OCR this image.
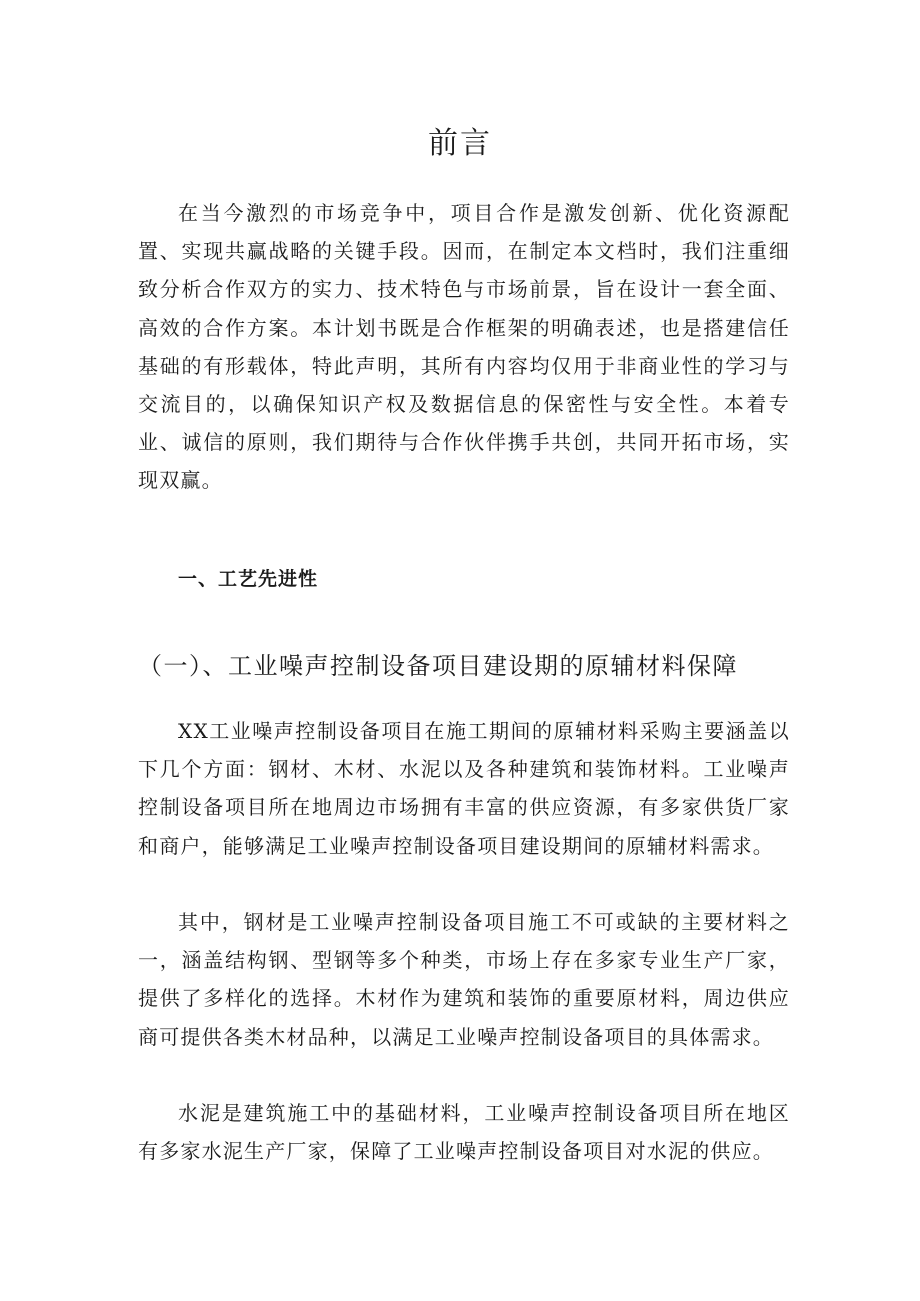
前言

在当今激烈的市场竞争中，项目合作是激发创新、优化资源配置、实现共赢战略的关键手段。因而，在制定本文档时，我们注重细致分析合作双方的实力、技术特色与市场前景，旨在设计一套全面、高效的合作方案。本计划书既是合作框架的明确表述，也是搭建信任基础的有形载体，特此声明，其所有内容均仅用于非商业性的学习与交流目的，以确保知识产权及数据信息的保密性与安全性。本着专业、诚信的原则，我们期待与合作伙伴携手共创，共同开拓市场，实现双赢。

一、工艺先进性
（一）、工业噪声控制设备项目建设期的原辅材料保障

XX工业噪声控制设备项目在施工期间的原辅材料采购主要涵盖以下几个方面：钢材、木材、水泥以及各种建筑和装饰材料。工业噪声控制设备项目所在地周边市场拥有丰富的供应资源，有多家供货厂家和商户，能够满足工业噪声控制设备项目建设期间的原辅材料需求。

其中，钢材是工业噪声控制设备项目施工不可或缺的主要材料之一，涵盖结构钢、型钢等多个种类，市场上存在多家专业生产厂家，提供了多样化的选择。木材作为建筑和装饰的重要原材料，周边供应商可提供各类木材品种，以满足工业噪声控制设备项目的具体需求。

水泥是建筑施工中的基础材料，工业噪声控制设备项目所在地区有多家水泥生产厂家，保障了工业噪声控制设备项目对水泥的供应。
